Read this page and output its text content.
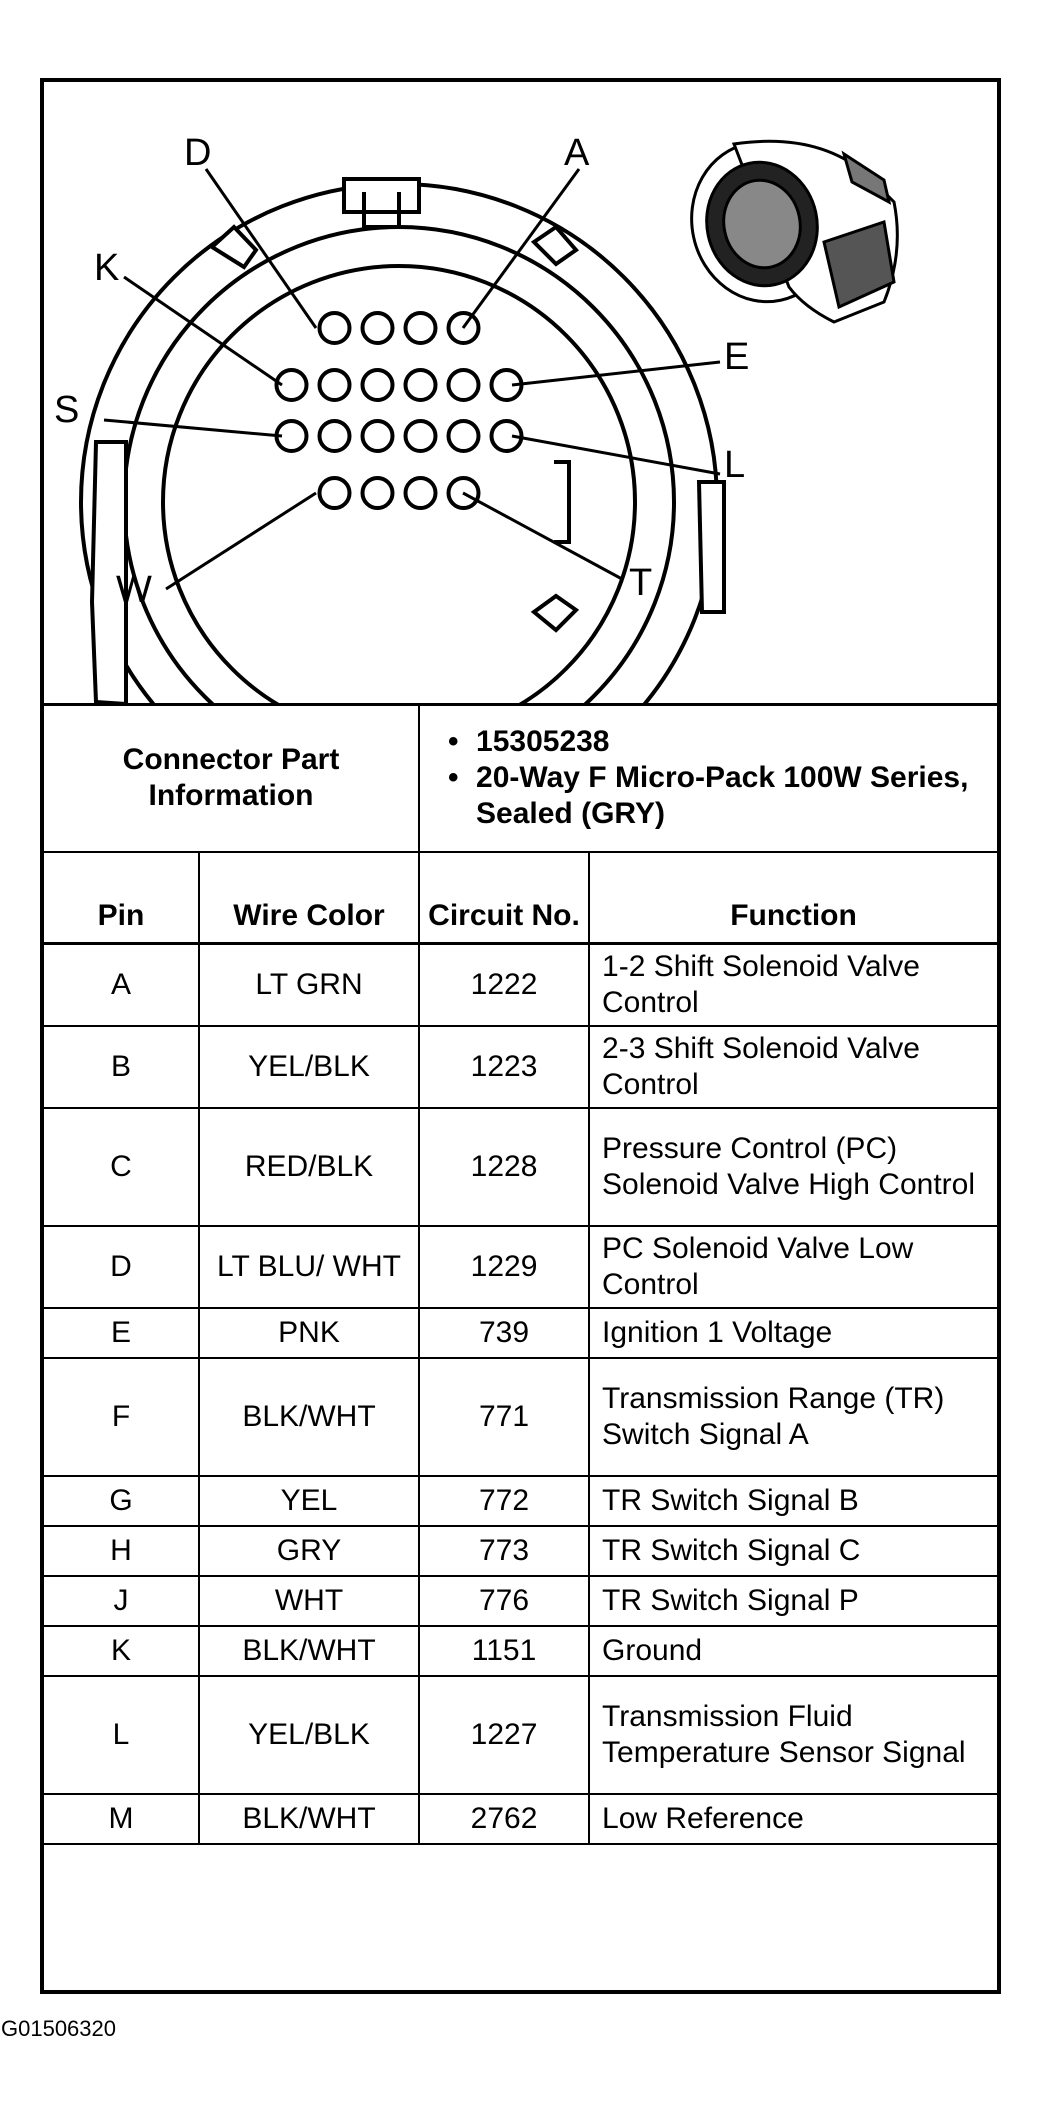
D	A
K
E
S
L
W	T
Connector Part Information		• 15305238
• 20-Way F Micro-Pack 100W Series, Sealed (GRY)

Pin	Wire Color	Circuit No.	Function
A	LT GRN	1222	1-2 Shift Solenoid Valve Control
B	YEL/BLK	1223	2-3 Shift Solenoid Valve Control
C	RED/BLK	1228	Pressure Control (PC) Solenoid Valve High Control
D	LT BLU/ WHT	1229	PC Solenoid Valve Low Control
E	PNK	739	Ignition 1 Voltage
F	BLK/WHT	771	Transmission Range (TR) Switch Signal A
G	YEL	772	TR Switch Signal B
H	GRY	773	TR Switch Signal C
J	WHT	776	TR Switch Signal P
K	BLK/WHT	1151	Ground
L	YEL/BLK	1227	Transmission Fluid Temperature Sensor Signal
M	BLK/WHT	2762	Low Reference
G01506320
